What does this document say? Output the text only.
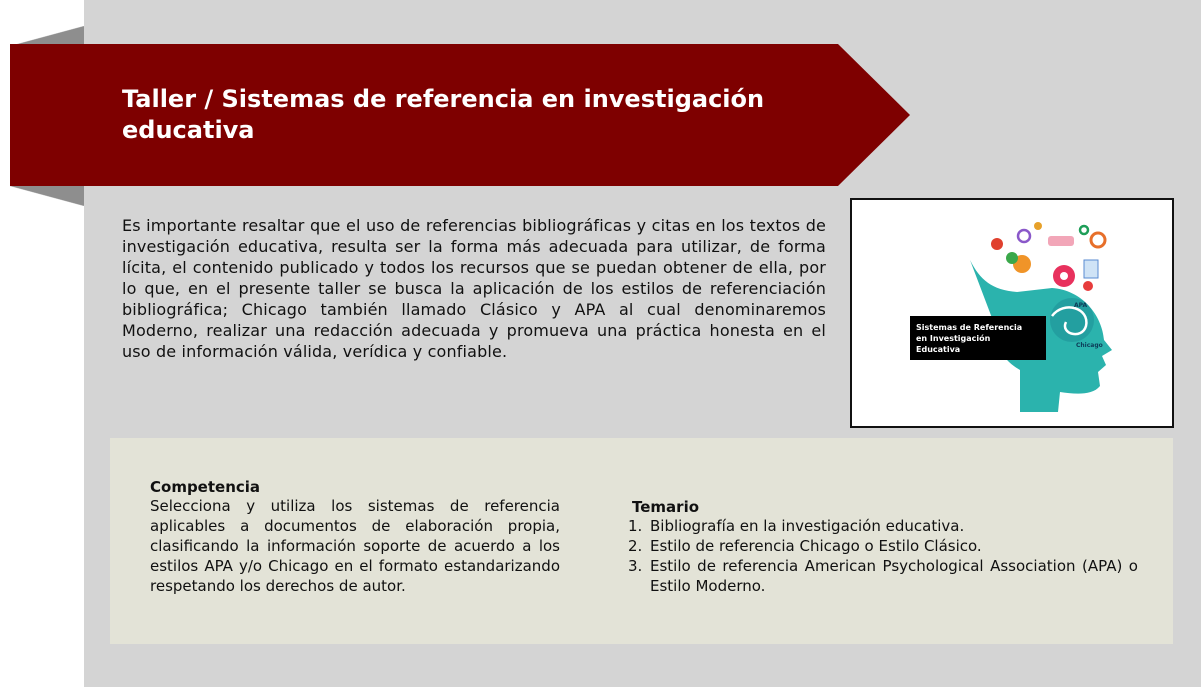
Taller / Sistemas de referencia en investigación educativa

Es importante resaltar que el uso de referencias bibliográficas y citas en los textos de investigación educativa, resulta ser la forma más adecuada para utilizar, de forma lícita, el contenido publicado y todos los recursos que se puedan obtener de ella, por lo que, en el presente taller se busca la aplicación de los estilos de referenciación bibliográfica; Chicago también llamado Clásico y APA al cual denominaremos Moderno, realizar una redacción adecuada y promueva una práctica honesta en el uso de información válida, verídica y confiable.

Sistemas de Referencia
en Investigación
Educativa
APA
Chicago

Competencia

Selecciona y utiliza los sistemas de referencia aplicables a documentos de elaboración propia, clasificando la información soporte de acuerdo a los estilos APA y/o Chicago en el formato estandarizando respetando los derechos de autor.

Temario

1. Bibliografía en la investigación educativa.
2. Estilo de referencia Chicago o Estilo Clásico.
3. Estilo de referencia American Psychological Association (APA) o Estilo Moderno.
